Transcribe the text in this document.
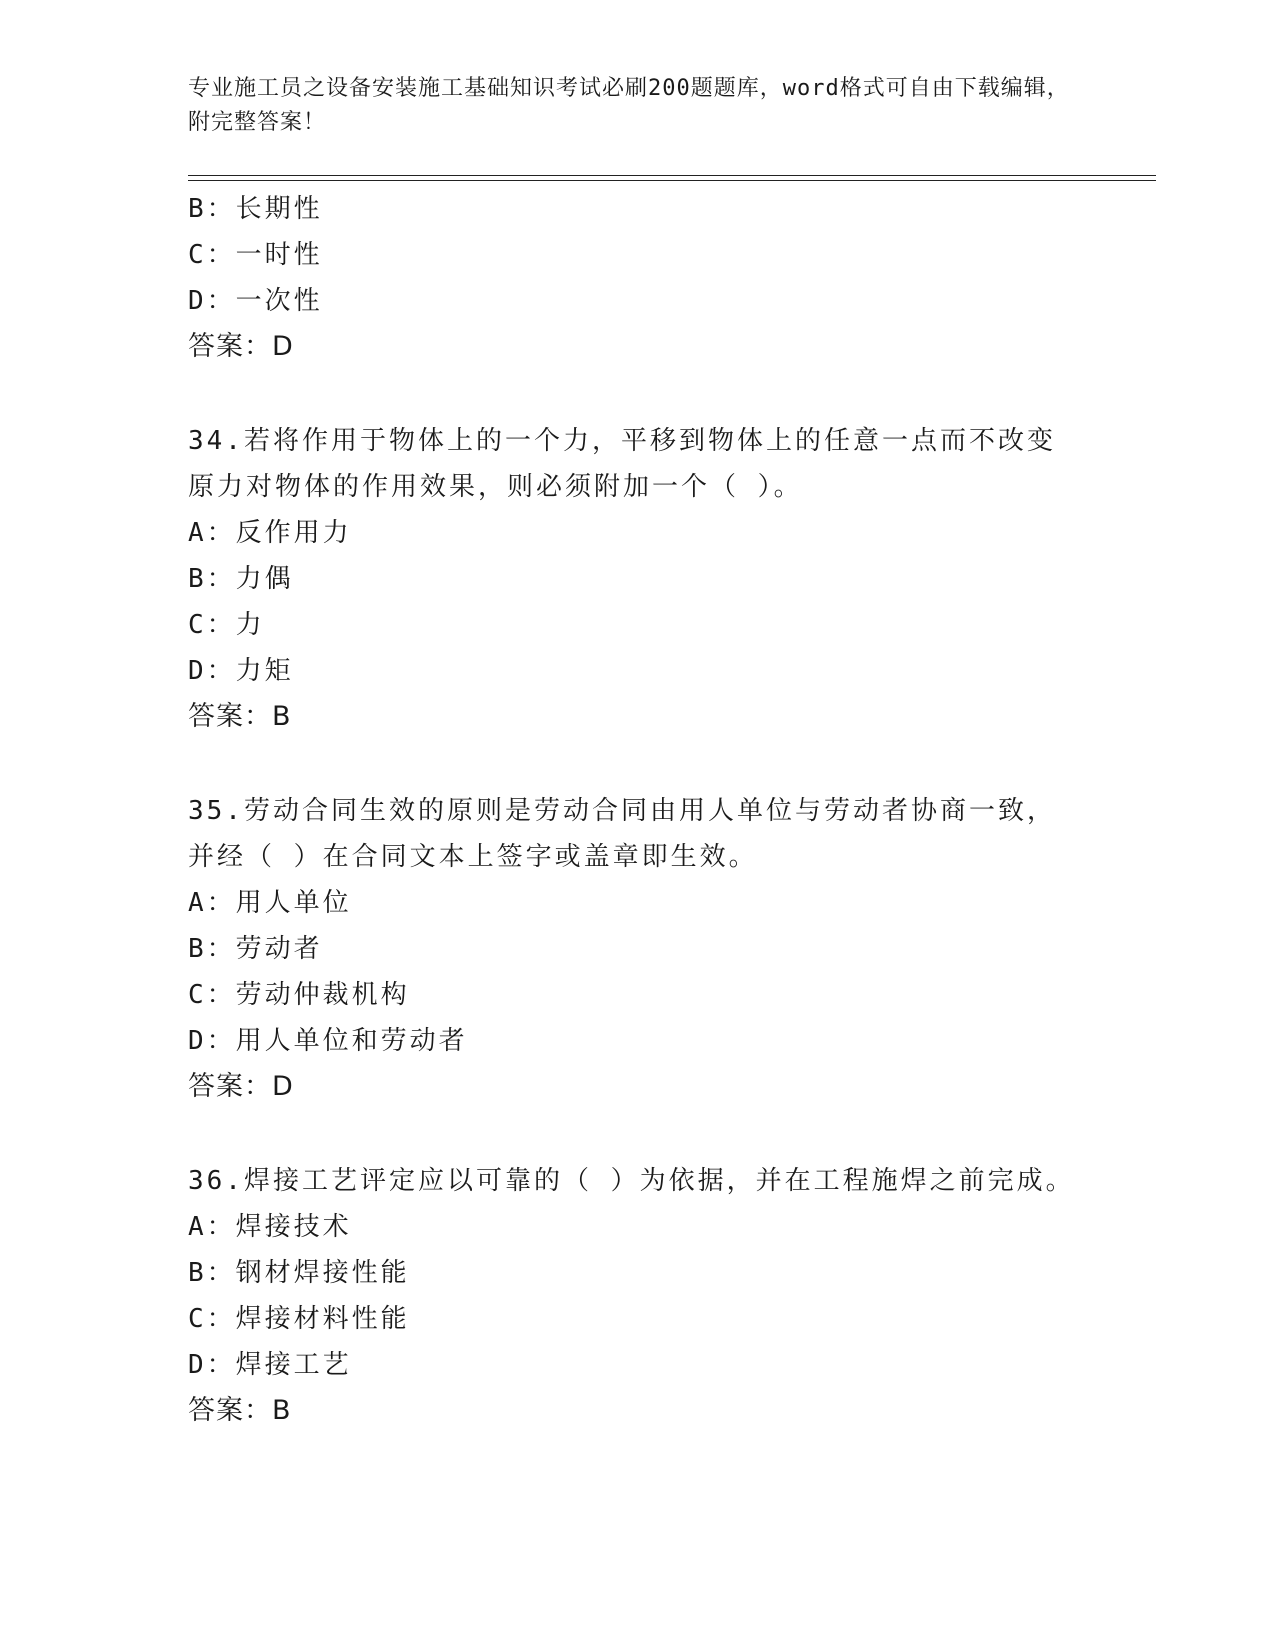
专业施工员之设备安装施工基础知识考试必刷200题题库，word格式可自由下载编辑，附完整答案！
B：长期性
C：一时性
D：一次性
答案：D
34.若将作用于物体上的一个力，平移到物体上的任意一点而不改变原力对物体的作用效果，则必须附加一个（ ）。
A：反作用力
B：力偶
C：力
D：力矩
答案：B
35.劳动合同生效的原则是劳动合同由用人单位与劳动者协商一致，并经（ ）在合同文本上签字或盖章即生效。
A：用人单位
B：劳动者
C：劳动仲裁机构
D：用人单位和劳动者
答案：D
36.焊接工艺评定应以可靠的（ ）为依据，并在工程施焊之前完成。
A：焊接技术
B：钢材焊接性能
C：焊接材料性能
D：焊接工艺
答案：B
